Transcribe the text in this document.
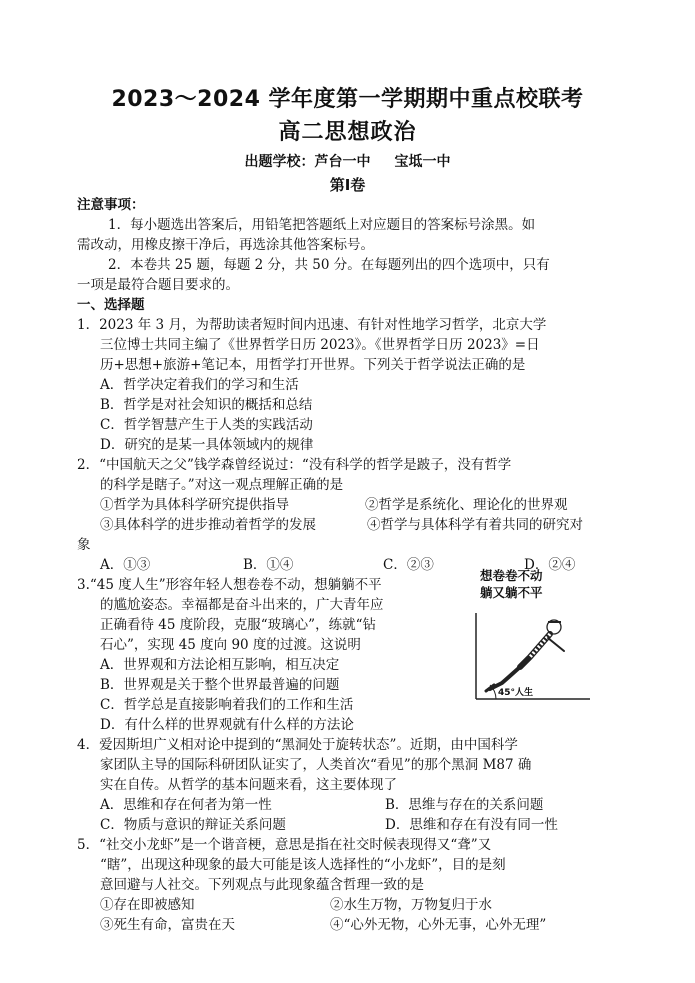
2023～2024 学年度第一学期期中重点校联考
高二思想政治
出题学校：芦台一中 宝坻一中
第Ⅰ卷
注意事项：
1．每小题选出答案后，用铅笔把答题纸上对应题目的答案标号涂黑。如
需改动，用橡皮擦干净后，再选涂其他答案标号。
2．本卷共 25 题，每题 2 分，共 50 分。在每题列出的四个选项中，只有
一项是最符合题目要求的。
一、选择题
1．2023 年 3 月，为帮助读者短时间内迅速、有针对性地学习哲学，北京大学
三位博士共同主编了《世界哲学日历 2023》。《世界哲学日历 2023》=日
历+思想+旅游+笔记本，用哲学打开世界。下列关于哲学说法正确的是
A．哲学决定着我们的学习和生活
B．哲学是对社会知识的概括和总结
C．哲学智慧产生于人类的实践活动
D．研究的是某一具体领域内的规律
2．“中国航天之父”钱学森曾经说过：“没有科学的哲学是跛子，没有哲学
的科学是瞎子。”对这一观点理解正确的是
①哲学为具体科学研究提供指导	②哲学是系统化、理论化的世界观
③具体科学的进步推动着哲学的发展	④哲学与具体科学有着共同的研究对
象
A．①③	B．①④	C．②③	D．②④
3.“45 度人生”形容年轻人想卷卷不动，想躺躺不平
的尴尬姿态。幸福都是奋斗出来的，广大青年应
正确看待 45 度阶段，克服“玻璃心”，练就“钻
石心”，实现 45 度向 90 度的过渡。这说明
A．世界观和方法论相互影响，相互决定
B．世界观是关于整个世界最普遍的问题
C．哲学总是直接影响着我们的工作和生活
D．有什么样的世界观就有什么样的方法论
想卷卷不动
躺又躺不平
45°人生
4．爱因斯坦广义相对论中提到的“黑洞处于旋转状态”。近期，由中国科学
家团队主导的国际科研团队证实了，人类首次“看见”的那个黑洞 M87 确
实在自传。从哲学的基本问题来看，这主要体现了
A．思维和存在何者为第一性	B．思维与存在的关系问题
C．物质与意识的辩证关系问题	D．思维和存在有没有同一性
5．“社交小龙虾”是一个谐音梗，意思是指在社交时候表现得又“聋”又
“瞎”，出现这种现象的最大可能是该人选择性的“小龙虾”，目的是刻
意回避与人社交。下列观点与此现象蕴含哲理一致的是
①存在即被感知	②水生万物，万物复归于水
③死生有命，富贵在天	④“心外无物，心外无事，心外无理”
